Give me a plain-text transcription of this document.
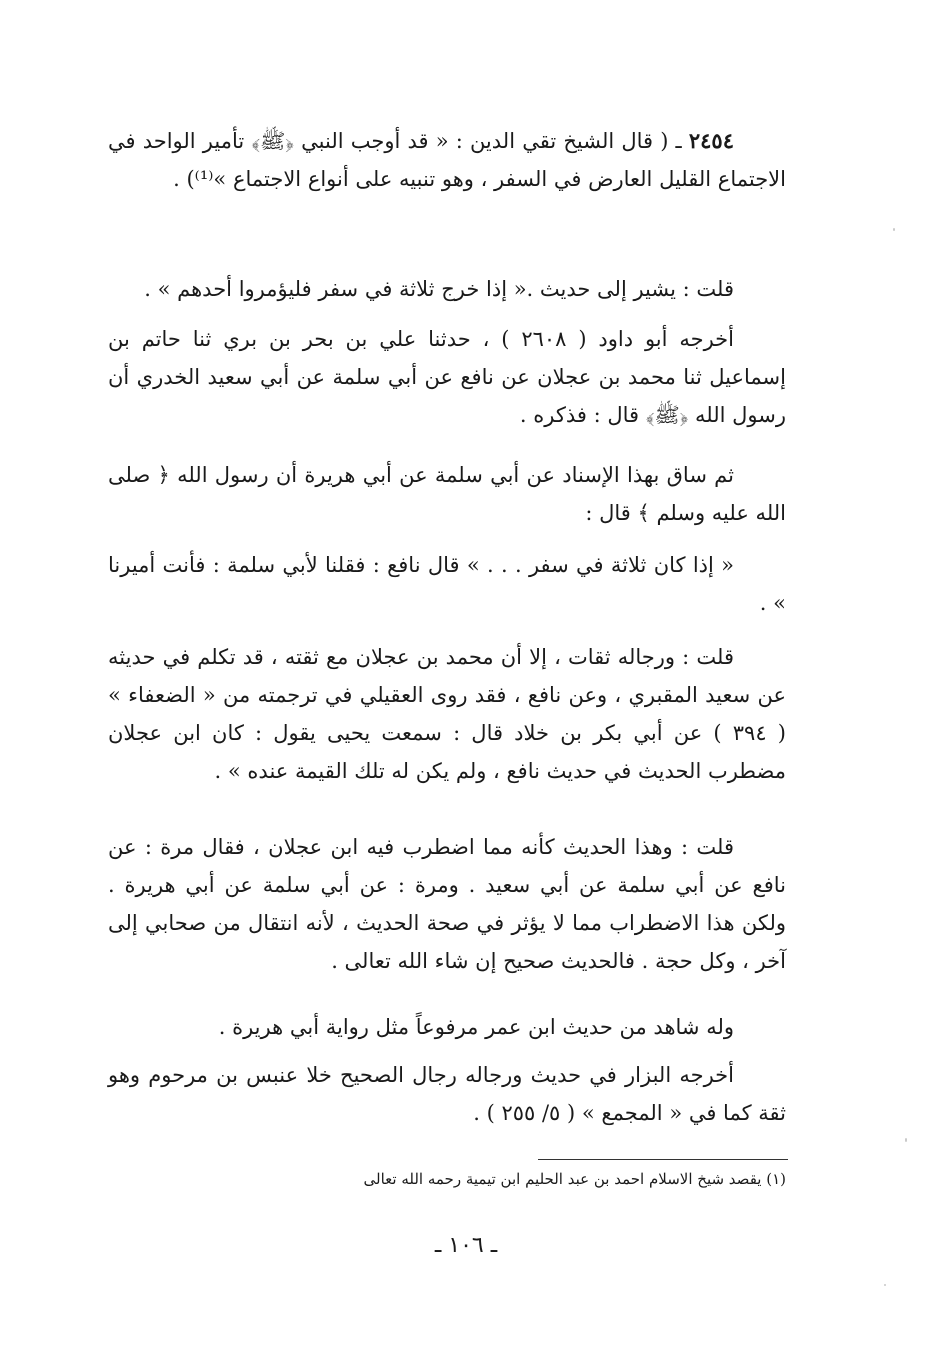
٢٤٥٤ ـ ( قال الشيخ تقي الدين : « قد أوجب النبي ﴿ﷺ﴾ تأمير الواحد في الاجتماع القليل العارض في السفر ، وهو تنبيه على أنواع الاجتماع »⁽¹⁾) .

قلت : يشير إلى حديث .« إذا خرج ثلاثة في سفر فليؤمروا أحدهم » .

أخرجه أبو داود ( ٢٦٠٨ ) ، حدثنا علي بن بحر بن بري ثنا حاتم بن إسماعيل ثنا محمد بن عجلان عن نافع عن أبي سلمة عن أبي سعيد الخدري أن رسول الله ﴿ﷺ﴾ قال : فذكره .

ثم ساق بهذا الإسناد عن أبي سلمة عن أبي هريرة أن رسول الله ﴿ صلى الله عليه وسلم ﴾ قال :

« إذا كان ثلاثة في سفر . . . » قال نافع : فقلنا لأبي سلمة : فأنت أميرنا » .

قلت : ورجاله ثقات ، إلا أن محمد بن عجلان مع ثقته ، قد تكلم في حديثه عن سعيد المقبري ، وعن نافع ، فقد روى العقيلي في ترجمته من « الضعفاء » ( ٣٩٤ ) عن أبي بكر بن خلاد قال : سمعت يحيى يقول : كان ابن عجلان مضطرب الحديث في حديث نافع ، ولم يكن له تلك القيمة عنده » .

قلت : وهذا الحديث كأنه مما اضطرب فيه ابن عجلان ، فقال مرة : عن نافع عن أبي سلمة عن أبي سعيد . ومرة : عن أبي سلمة عن أبي هريرة . ولكن هذا الاضطراب مما لا يؤثر في صحة الحديث ، لأنه انتقال من صحابي إلى آخر ، وكل حجة . فالحديث صحيح إن شاء الله تعالى .

وله شاهد من حديث ابن عمر مرفوعاً مثل رواية أبي هريرة .

أخرجه البزار في حديث ورجاله رجال الصحيح خلا عنبس بن مرحوم وهو ثقة كما في « المجمع » ( ٥/ ٢٥٥ ) .

(١) يقصد شيخ الاسلام احمد بن عبد الحليم ابن تيمية رحمه الله تعالى

ـ ١٠٦ ـ
